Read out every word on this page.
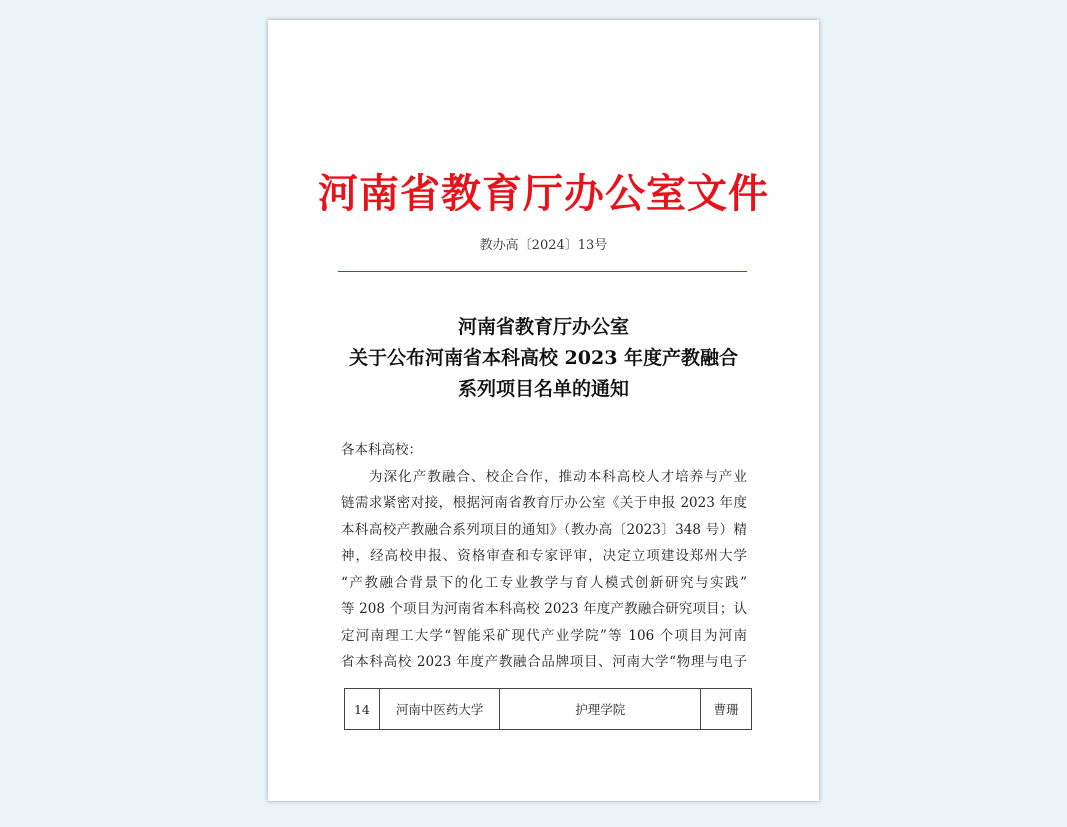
河南省教育厅办公室文件
教办高〔2024〕13号
河南省教育厅办公室
关于公布河南省本科高校 2023 年度产教融合
系列项目名单的通知
各本科高校：
为深化产教融合、校企合作，推动本科高校人才培养与产业
链需求紧密对接，根据河南省教育厅办公室《关于申报 2023 年度
本科高校产教融合系列项目的通知》（教办高〔2023〕348 号）精
神，经高校申报、资格审查和专家评审，决定立项建设郑州大学
“产教融合背景下的化工专业教学与育人模式创新研究与实践”
等 208 个项目为河南省本科高校 2023 年度产教融合研究项目；认
定河南理工大学“智能采矿现代产业学院”等 106 个项目为河南
省本科高校 2023 年度产教融合品牌项目、河南大学“物理与电子
14	河南中医药大学	护理学院	曹珊
